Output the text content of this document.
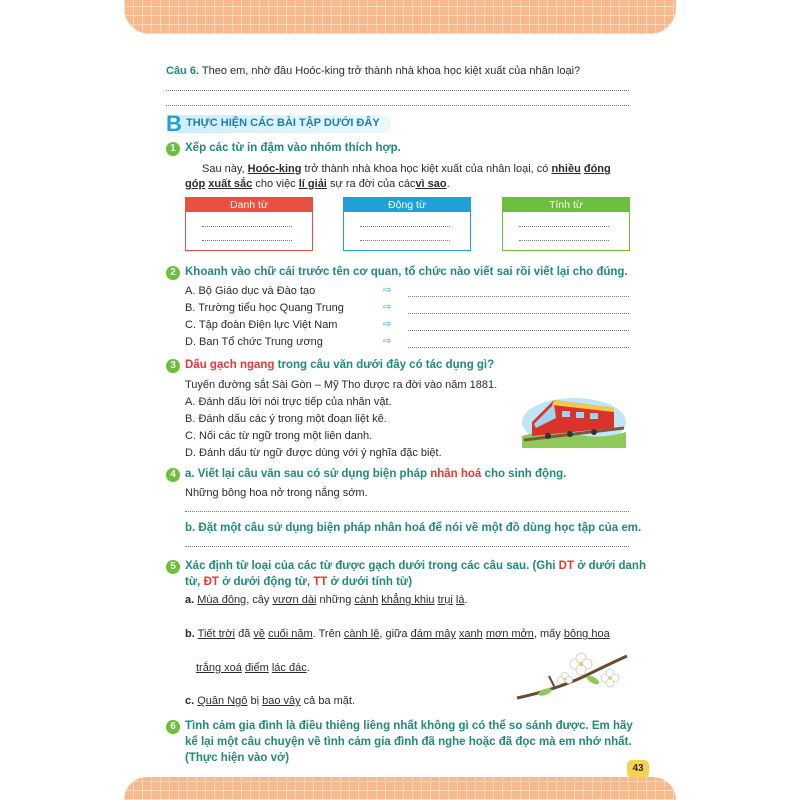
Câu 6. Theo em, nhờ đâu Hoóc-king trở thành nhà khoa học kiệt xuất của nhân loại?
B THỰC HIỆN CÁC BÀI TẬP DƯỚI ĐÂY
1 Xếp các từ in đậm vào nhóm thích hợp.
Sau này, Hoóc-king trở thành nhà khoa học kiệt xuất của nhân loại, có nhiều đóng
góp xuất sắc cho việc lí giải sự ra đời của cácvì sao.
Danh từ	Động từ	Tính từ
2 Khoanh vào chữ cái trước tên cơ quan, tổ chức nào viết sai rồi viết lại cho đúng.
A. Bộ Giáo dục và Đào tạo
B. Trường tiểu học Quang Trung
C. Tập đoàn Điện lực Việt Nam
D. Ban Tổ chức Trung ương
⇨
⇨
⇨
⇨
3 Dấu gạch ngang trong câu văn dưới đây có tác dụng gì?
Tuyến đường sắt Sài Gòn – Mỹ Tho được ra đời vào năm 1881.
A. Đánh dấu lời nói trực tiếp của nhân vật.
B. Đánh dấu các ý trong một đoạn liệt kê.
C. Nối các từ ngữ trong một liên danh.
D. Đánh dấu từ ngữ được dùng với ý nghĩa đặc biệt.
4 a. Viết lại câu văn sau có sử dụng biện pháp nhân hoá cho sinh động.
Những bông hoa nở trong nắng sớm.
b. Đặt một câu sử dụng biện pháp nhân hoá để nói về một đồ dùng học tập của em.
5 Xác định từ loại của các từ được gạch dưới trong các câu sau. (Ghi DT ở dưới danh
từ, ĐT ở dưới động từ, TT ở dưới tính từ)
a. Mùa đông, cây vươn dài những cành khẳng khiu trụi lá.
b. Tiết trời đã về cuối năm. Trên cành lê, giữa đám mây xanh mơn mởn, mấy bông hoa
trắng xoá điểm lác đác.
c. Quân Ngô bị bao vây cả ba mặt.
6 Tình cảm gia đình là điều thiêng liêng nhất không gì có thể so sánh được. Em hãy
kể lại một câu chuyện về tình cảm gia đình đã nghe hoặc đã đọc mà em nhớ nhất.
(Thực hiện vào vở)
43
